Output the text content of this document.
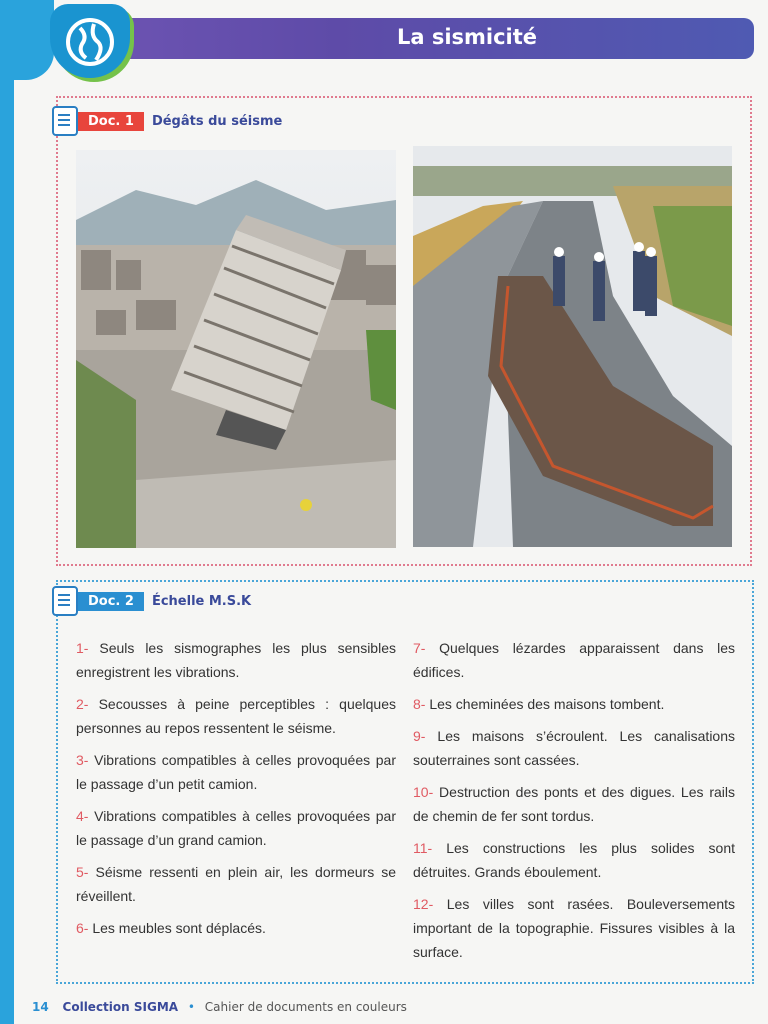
La sismicité
Doc. 1	Dégâts du séisme
Doc. 2	Échelle M.S.K
1- Seuls les sismographes les plus sensibles enregistrent les vibrations.
2- Secousses à peine perceptibles : quelques personnes au repos ressentent le séisme.
3- Vibrations compatibles à celles provoquées par le passage d’un petit camion.
4- Vibrations compatibles à celles provoquées par le passage d’un grand camion.
5- Séisme ressenti en plein air, les dormeurs se réveillent.
6- Les meubles sont déplacés.
7- Quelques lézardes apparaissent dans les édifices.
8- Les cheminées des maisons tombent.
9- Les maisons s’écroulent. Les canalisations souterraines sont cassées.
10- Destruction des ponts et des digues. Les rails de chemin de fer sont tordus.
11- Les constructions les plus solides sont détruites. Grands éboulement.
12- Les villes sont rasées. Bouleversements important de la topographie. Fissures visibles à la surface.
14 Collection SIGMA • Cahier de documents en couleurs
